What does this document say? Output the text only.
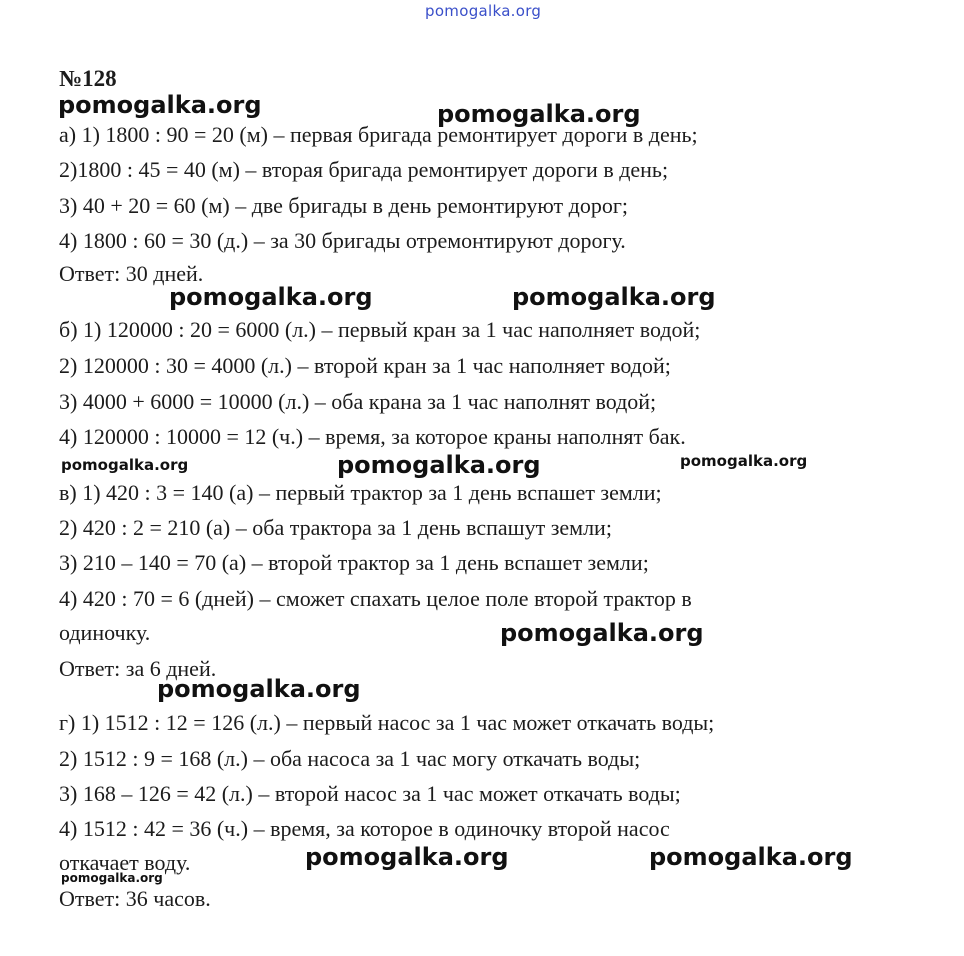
pomogalka.org
№128
а) 1) 1800 : 90 = 20 (м) – первая бригада ремонтирует дороги в день;
2)1800 : 45 = 40 (м) – вторая бригада ремонтирует дороги в день;
3) 40 + 20 = 60 (м) – две бригады в день ремонтируют дорог;
4) 1800 : 60 = 30 (д.) – за 30 бригады отремонтируют дорогу.
Ответ: 30 дней.
б) 1) 120000 : 20 = 6000 (л.) – первый кран за 1 час наполняет водой;
2) 120000 : 30 = 4000 (л.) – второй кран за 1 час наполняет водой;
3) 4000 + 6000 = 10000 (л.) – оба крана за 1 час наполнят водой;
4) 120000 : 10000 = 12 (ч.) – время, за которое краны наполнят бак.
в) 1) 420 : 3 = 140 (а) – первый трактор за 1 день вспашет земли;
2) 420 : 2 = 210 (а) – оба трактора за 1 день вспашут земли;
3) 210 – 140 = 70 (а) – второй трактор за 1 день вспашет земли;
4) 420 : 70 = 6 (дней) – сможет спахать целое поле второй трактор в
одиночку.
Ответ: за 6 дней.
г) 1) 1512 : 12 = 126 (л.) – первый насос за 1 час может откачать воды;
2) 1512 : 9 = 168 (л.) – оба насоса за 1 час могу откачать воды;
3) 168 – 126 = 42 (л.) – второй насос за 1 час может откачать воды;
4) 1512 : 42 = 36 (ч.) – время, за которое в одиночку второй насос
откачает воду.
Ответ: 36 часов.
pomogalka.org	pomogalka.org
pomogalka.org	pomogalka.org
pomogalka.org	pomogalka.org	pomogalka.org
pomogalka.org
pomogalka.org
pomogalka.org	pomogalka.org
pomogalka.org
